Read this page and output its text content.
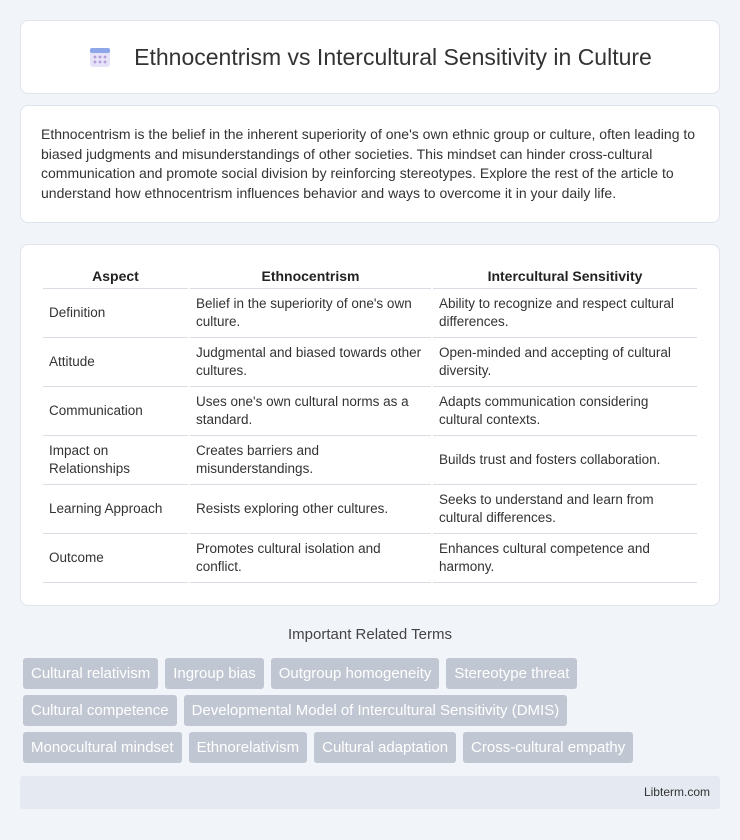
Ethnocentrism vs Intercultural Sensitivity in Culture

Ethnocentrism is the belief in the inherent superiority of one's own ethnic group or culture, often leading to biased judgments and misunderstandings of other societies. This mindset can hinder cross-cultural communication and promote social division by reinforcing stereotypes. Explore the rest of the article to understand how ethnocentrism influences behavior and ways to overcome it in your daily life.

Aspect	Ethnocentrism	Intercultural Sensitivity
Definition	Belief in the superiority of one's own culture.	Ability to recognize and respect cultural differences.
Attitude	Judgmental and biased towards other cultures.	Open-minded and accepting of cultural diversity.
Communication	Uses one's own cultural norms as a standard.	Adapts communication considering cultural contexts.
Impact on Relationships	Creates barriers and misunderstandings.	Builds trust and fosters collaboration.
Learning Approach	Resists exploring other cultures.	Seeks to understand and learn from cultural differences.
Outcome	Promotes cultural isolation and conflict.	Enhances cultural competence and harmony.
Important Related Terms
Cultural relativism	Ingroup bias	Outgroup homogeneity	Stereotype threat
Cultural competence	Developmental Model of Intercultural Sensitivity (DMIS)
Monocultural mindset	Ethnorelativism	Cultural adaptation	Cross-cultural empathy
Libterm.com
